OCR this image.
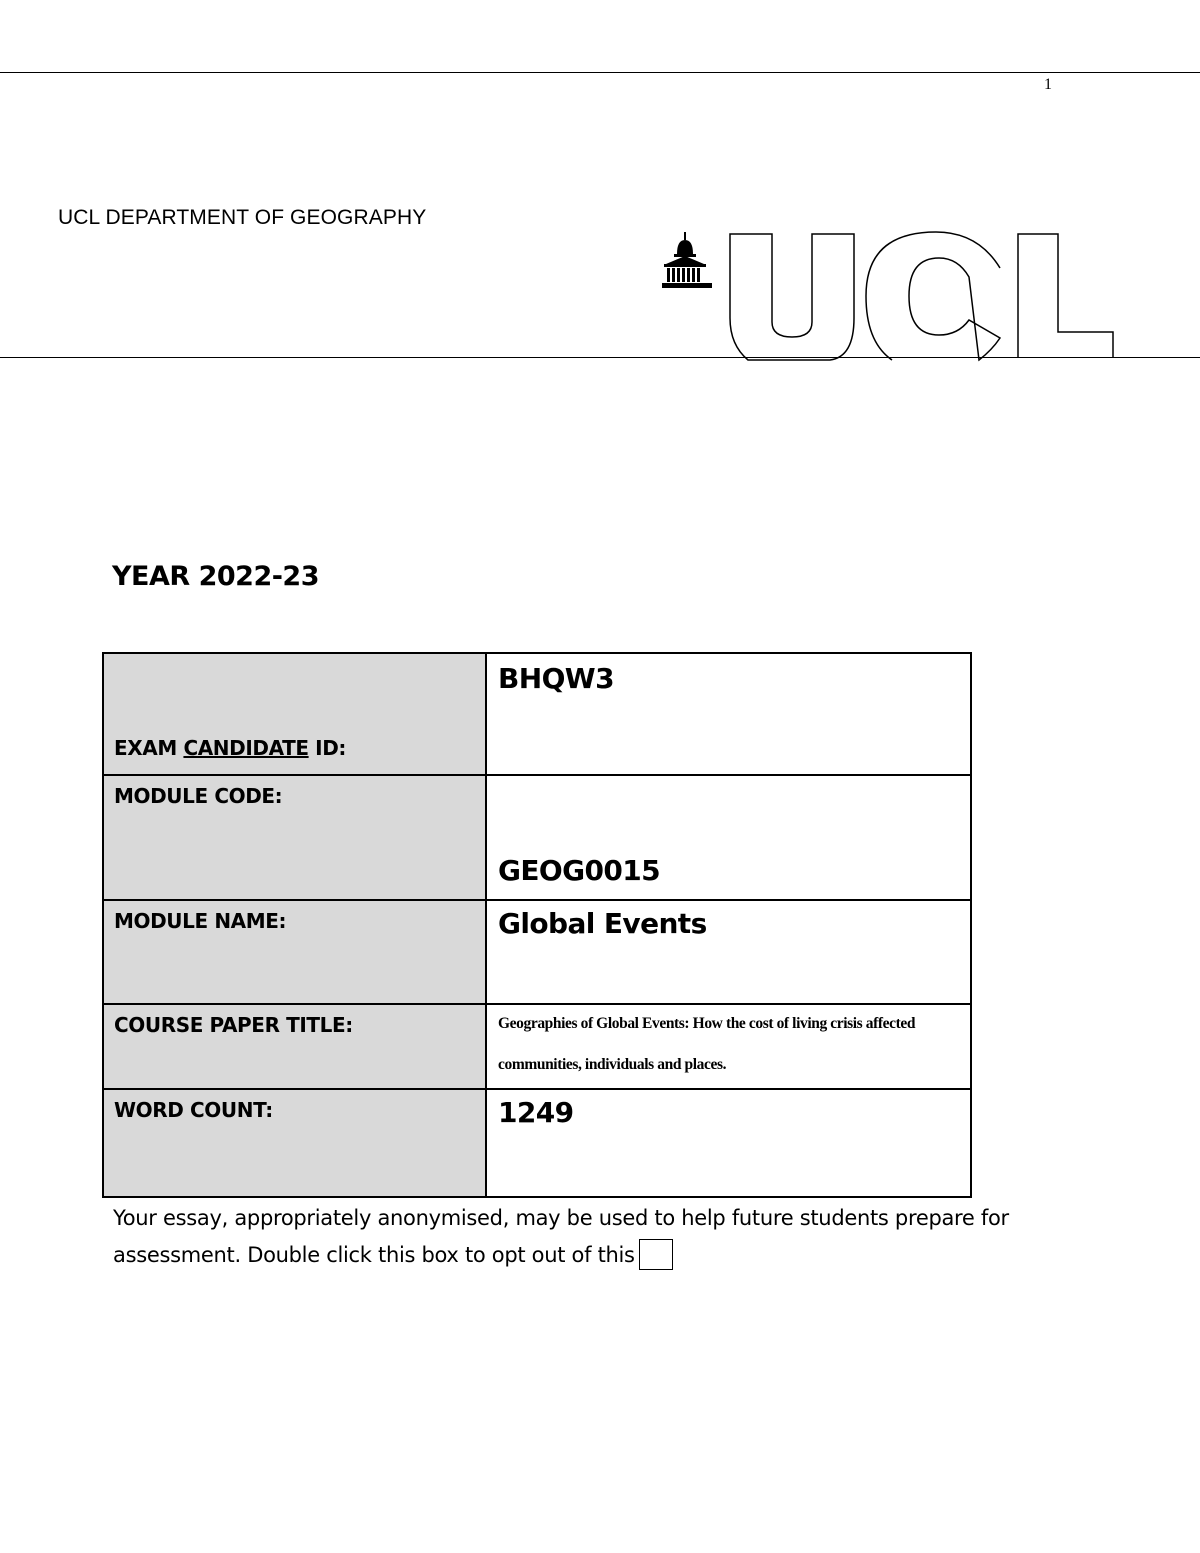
1
UCL DEPARTMENT OF GEOGRAPHY
YEAR 2022-23
EXAM CANDIDATE ID:	BHQW3
MODULE CODE:	GEOG0015
MODULE NAME:	Global Events
COURSE PAPER TITLE:	Geographies of Global Events: How the cost of living crisis affected communities, individuals and places.

WORD COUNT:	1249
Your essay, appropriately anonymised, may be used to help future students prepare for assessment. Double click this box to opt out of this
